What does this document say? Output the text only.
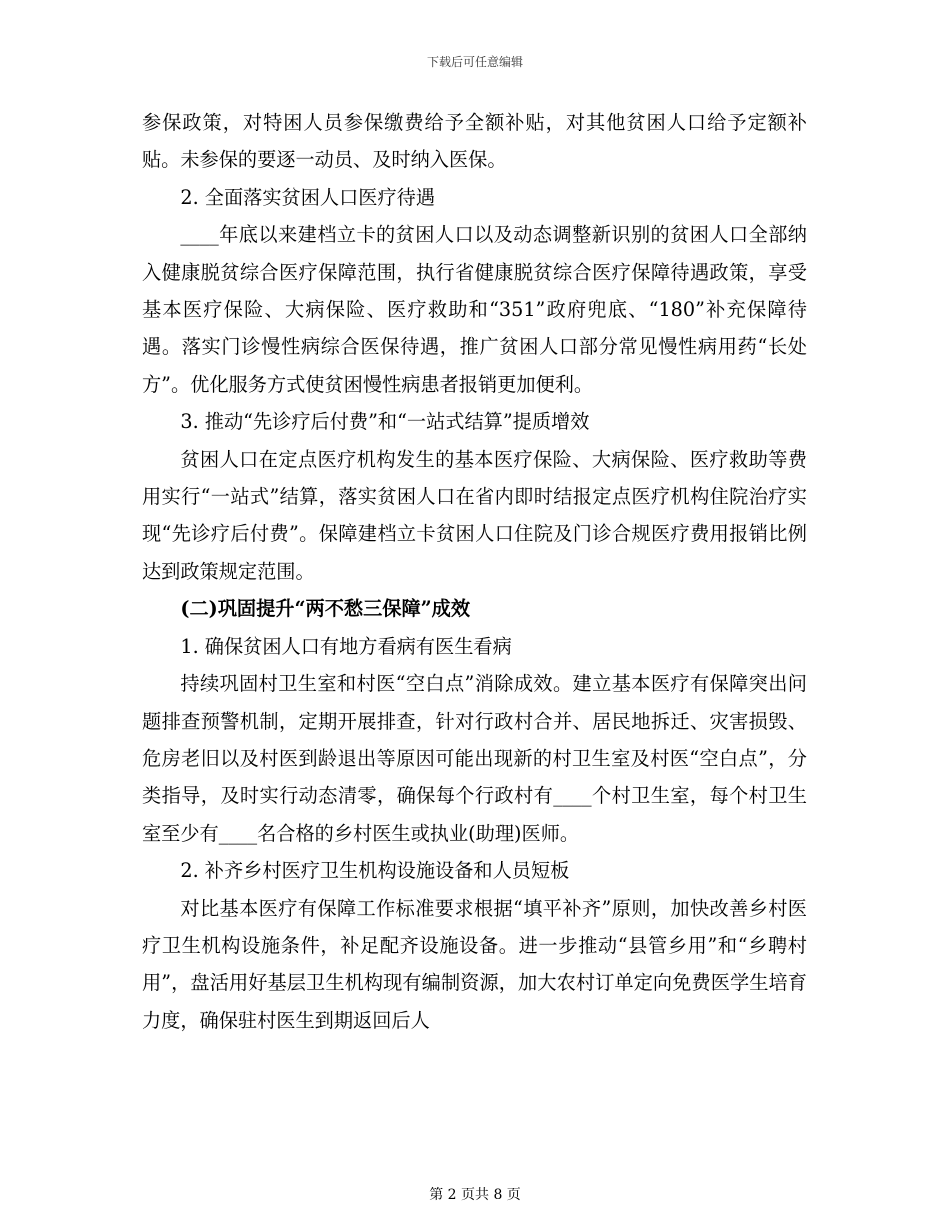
下载后可任意编辑

参保政策，对特困人员参保缴费给予全额补贴，对其他贫困人口给予定额补贴。未参保的要逐一动员、及时纳入医保。

2. 全面落实贫困人口医疗待遇

____年底以来建档立卡的贫困人口以及动态调整新识别的贫困人口全部纳入健康脱贫综合医疗保障范围，执行省健康脱贫综合医疗保障待遇政策，享受基本医疗保险、大病保险、医疗救助和“351”政府兜底、“180”补充保障待遇。落实门诊慢性病综合医保待遇，推广贫困人口部分常见慢性病用药“长处方”。优化服务方式使贫困慢性病患者报销更加便利。

3. 推动“先诊疗后付费”和“一站式结算”提质增效

贫困人口在定点医疗机构发生的基本医疗保险、大病保险、医疗救助等费用实行“一站式”结算，落实贫困人口在省内即时结报定点医疗机构住院治疗实现“先诊疗后付费”。保障建档立卡贫困人口住院及门诊合规医疗费用报销比例达到政策规定范围。

(二)巩固提升“两不愁三保障”成效

1. 确保贫困人口有地方看病有医生看病

持续巩固村卫生室和村医“空白点”消除成效。建立基本医疗有保障突出问题排查预警机制，定期开展排查，针对行政村合并、居民地拆迁、灾害损毁、危房老旧以及村医到龄退出等原因可能出现新的村卫生室及村医“空白点”，分类指导，及时实行动态清零，确保每个行政村有____个村卫生室，每个村卫生室至少有____名合格的乡村医生或执业(助理)医师。

2. 补齐乡村医疗卫生机构设施设备和人员短板

对比基本医疗有保障工作标准要求根据“填平补齐”原则，加快改善乡村医疗卫生机构设施条件，补足配齐设施设备。进一步推动“县管乡用”和“乡聘村用”，盘活用好基层卫生机构现有编制资源，加大农村订单定向免费医学生培育力度，确保驻村医生到期返回后人

第 2 页共 8 页
